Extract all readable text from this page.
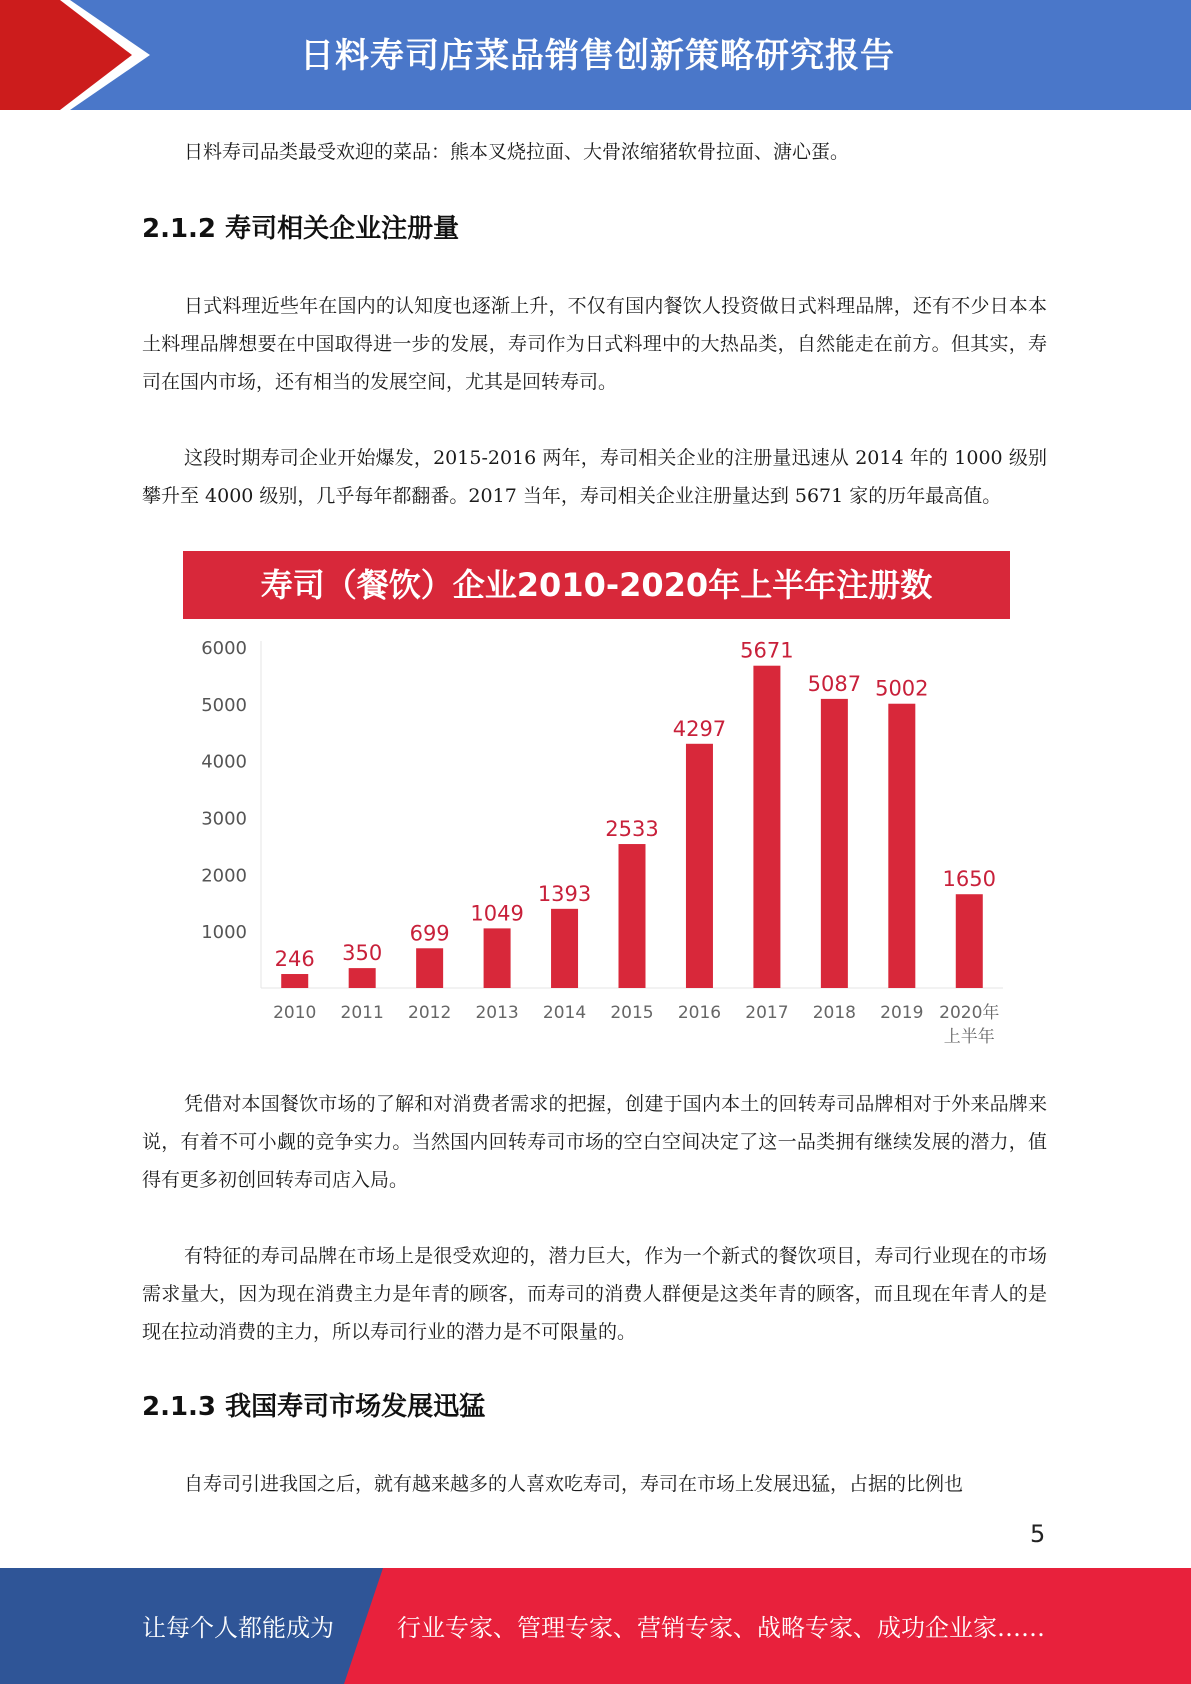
日料寿司店菜品销售创新策略研究报告
日料寿司品类最受欢迎的菜品：熊本叉烧拉面、大骨浓缩猪软骨拉面、溏心蛋。
2.1.2 寿司相关企业注册量
日式料理近些年在国内的认知度也逐渐上升，不仅有国内餐饮人投资做日式料理品牌，还有不少日本本土料理品牌想要在中国取得进一步的发展，寿司作为日式料理中的大热品类，自然能走在前方。但其实，寿司在国内市场，还有相当的发展空间，尤其是回转寿司。
这段时期寿司企业开始爆发，2015-2016 两年，寿司相关企业的注册量迅速从 2014 年的 1000 级别攀升至 4000 级别，几乎每年都翻番。2017 当年，寿司相关企业注册量达到 5671 家的历年最高值。
寿司（餐饮）企业2010-2020年上半年注册数
1000
2000
3000
4000
5000
6000
246
2010
350
2011
699
2012
1049
2013
1393
2014
2533
2015
4297
2016
5671
2017
5087
2018
5002
2019
1650
2020年
上半年
凭借对本国餐饮市场的了解和对消费者需求的把握，创建于国内本土的回转寿司品牌相对于外来品牌来说，有着不可小觑的竞争实力。当然国内回转寿司市场的空白空间决定了这一品类拥有继续发展的潜力，值得有更多初创回转寿司店入局。
有特征的寿司品牌在市场上是很受欢迎的，潜力巨大，作为一个新式的餐饮项目，寿司行业现在的市场需求量大，因为现在消费主力是年青的顾客，而寿司的消费人群便是这类年青的顾客，而且现在年青人的是现在拉动消费的主力，所以寿司行业的潜力是不可限量的。
2.1.3 我国寿司市场发展迅猛
自寿司引进我国之后，就有越来越多的人喜欢吃寿司，寿司在市场上发展迅猛，占据的比例也
5
让每个人都能成为	行业专家、管理专家、营销专家、战略专家、成功企业家……
